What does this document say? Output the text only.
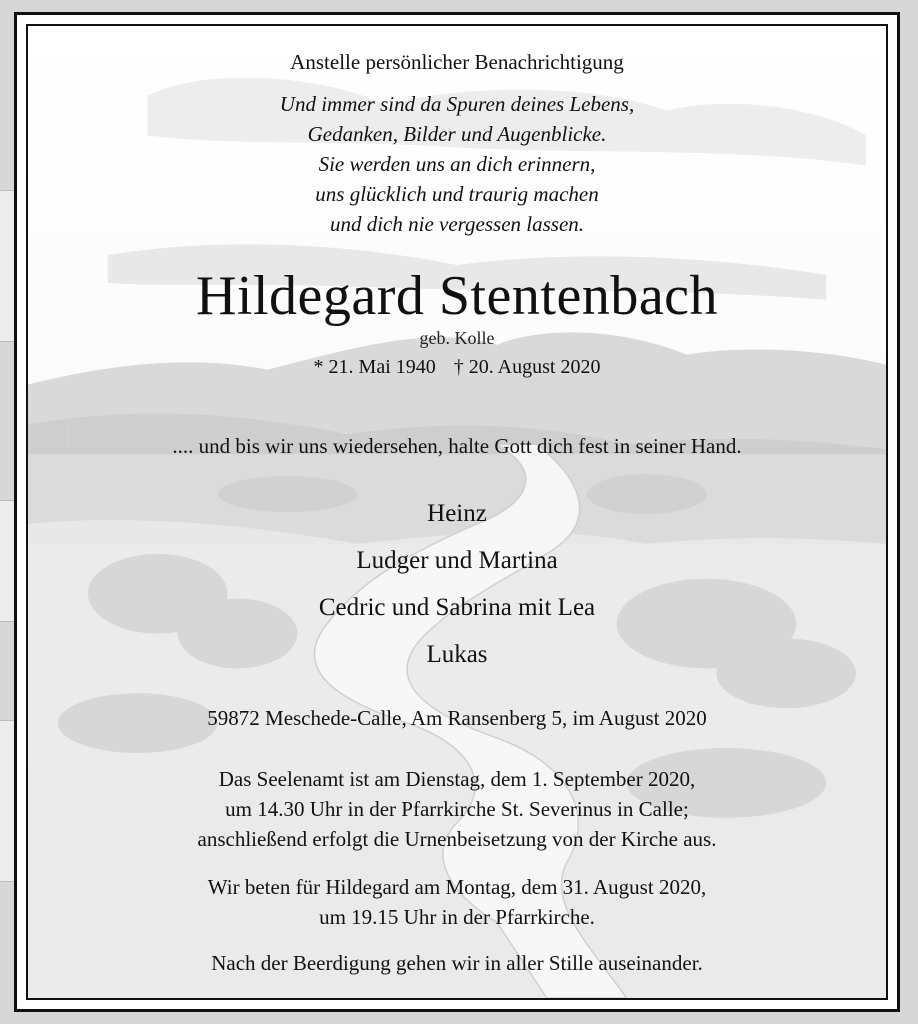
Anstelle persönlicher Benachrichtigung
Und immer sind da Spuren deines Lebens,
Gedanken, Bilder und Augenblicke.
Sie werden uns an dich erinnern,
uns glücklich und traurig machen
und dich nie vergessen lassen.
Hildegard Stentenbach
geb. Kolle
* 21. Mai 1940 † 20. August 2020
.... und bis wir uns wiedersehen, halte Gott dich fest in seiner Hand.
Heinz
Ludger und Martina
Cedric und Sabrina mit Lea
Lukas
59872 Meschede-Calle, Am Ransenberg 5, im August 2020
Das Seelenamt ist am Dienstag, dem 1. September 2020,
um 14.30 Uhr in der Pfarrkirche St. Severinus in Calle;
anschließend erfolgt die Urnenbeisetzung von der Kirche aus.
Wir beten für Hildegard am Montag, dem 31. August 2020,
um 19.15 Uhr in der Pfarrkirche.
Nach der Beerdigung gehen wir in aller Stille auseinander.
